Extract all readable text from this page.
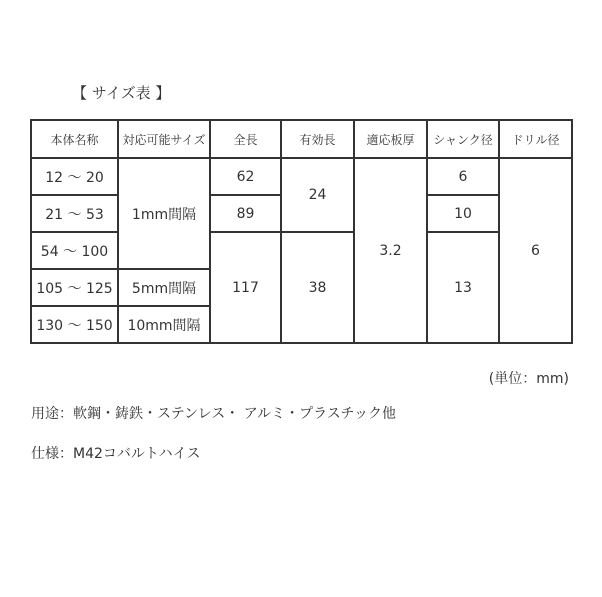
【 サイズ表 】
本体名称	対応可能サイズ	全長	有効長	適応板厚	シャンク径	ドリル径
12 ～ 20	1mm間隔	62	24	3.2	6	6
21 ～ 53		89			10	
54 ～ 100		117	38		13	
105 ～ 125	5mm間隔					
130 ～ 150	10mm間隔					
(単位：mm)
用途：軟鋼・鋳鉄・ステンレス・ アルミ・プラスチック他
仕様：M42コバルトハイス
